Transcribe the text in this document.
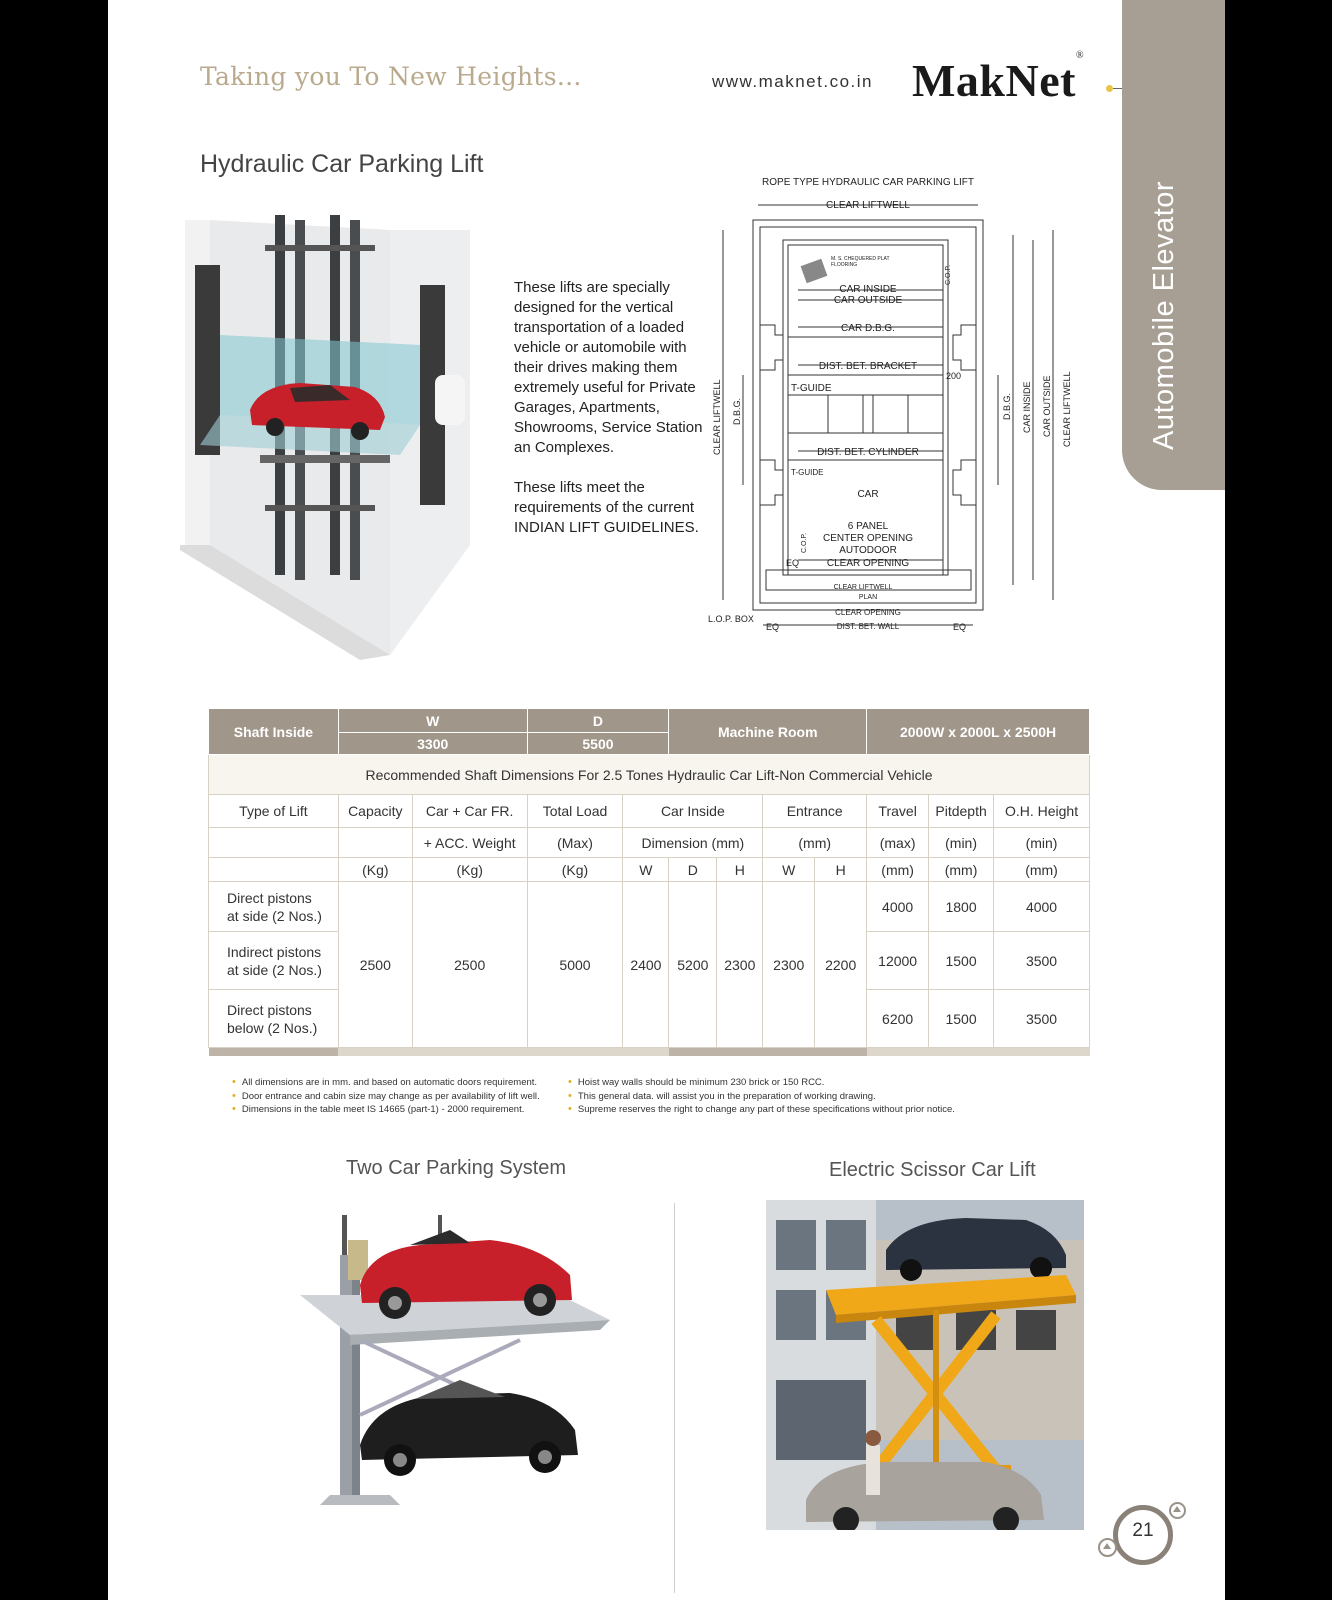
Taking you To New Heights...	www.maknet.co.in MakNet®
Automobile Elevator
Hydraulic Car Parking Lift

These lifts are specially designed for the vertical transportation of a loaded vehicle or automobile with their drives making them extremely useful for Private Garages, Apartments, Showrooms, Service Station an Complexes.

These lifts meet the requirements of the current INDIAN LIFT GUIDELINES.

ROPE TYPE HYDRAULIC CAR PARKING LIFT
CLEAR LIFTWELL
M. S. CHEQUERED PLAT
FLOORING
CAR INSIDE
CAR OUTSIDE
CAR D.B.G.
DIST. BET. BRACKET
T-GUIDE
200
DIST. BET. CYLINDER
T-GUIDE
CAR
6 PANEL
CENTER OPENING
AUTODOOR
CLEAR OPENING
EQ
CLEAR LIFTWELL
PLAN
CLEAR OPENING
DIST. BET. WALL
L.O.P. BOX
EQ	EQ
CLEAR LIFTWELL D.B.G.	D.B.G. CAR INSIDE CAR OUTSIDE CLEAR LIFTWELL
C.O.P.
C.O.P.
Shaft Inside	W		D		Machine Room				2000W x 2000L x 2500H		
	3300		5500								
Recommended Shaft Dimensions For 2.5 Tones Hydraulic Car Lift-Non Commercial Vehicle											
Type of Lift	Capacity	Car + Car FR.	Total Load	Car Inside			Entrance		Travel	Pitdepth	O.H. Height
		+ ACC. Weight	(Max)	Dimension (mm)			(mm)		(max)	(min)	(min)
	(Kg)	(Kg)	(Kg)	W	D	H	W	H	(mm)	(mm)	(mm)
Direct pistons
at side (2 Nos.)	2500	2500	5000	2400	5200	2300	2300	2200	4000	1800	4000
Indirect pistons
at side (2 Nos.)									12000	1500	3500
Direct pistons
below (2 Nos.)									6200	1500	3500

• All dimensions are in mm. and based on automatic doors requirement.
• Door entrance and cabin size may change as per availability of lift well.
• Dimensions in the table meet IS 14665 (part-1) - 2000 requirement.
• Hoist way walls should be minimum 230 brick or 150 RCC.
• This general data. will assist you in the preparation of working drawing.
• Supreme reserves the right to change any part of these specifications without prior notice.
Two Car Parking System	Electric Scissor Car Lift
21
